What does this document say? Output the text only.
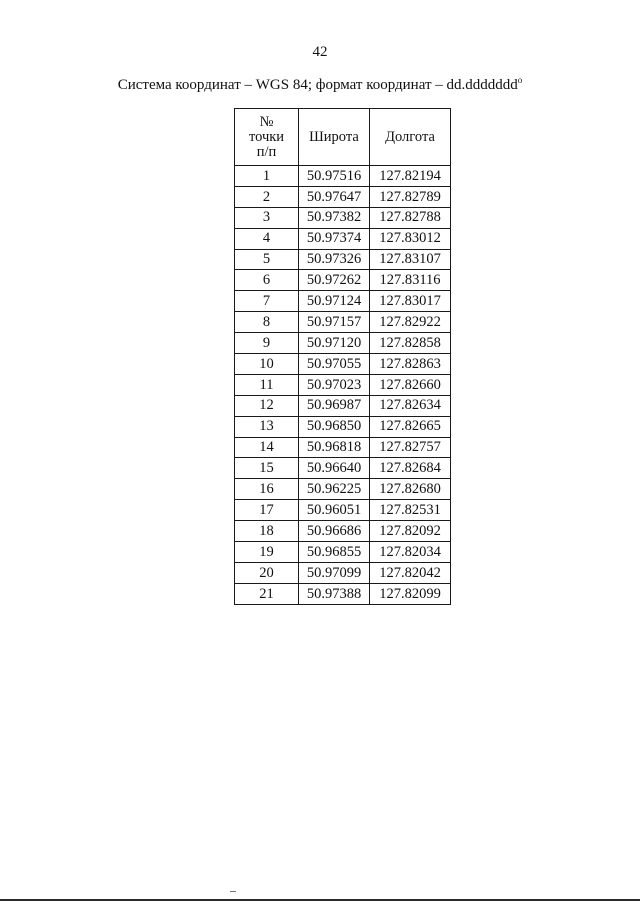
42
Система координат – WGS 84; формат координат – dd.ddddddd$^о$
№
точки
п/п	Широта	Долгота
1	50.97516	127.82194
2	50.97647	127.82789
3	50.97382	127.82788
4	50.97374	127.83012
5	50.97326	127.83107
6	50.97262	127.83116
7	50.97124	127.83017
8	50.97157	127.82922
9	50.97120	127.82858
10	50.97055	127.82863
11	50.97023	127.82660
12	50.96987	127.82634
13	50.96850	127.82665
14	50.96818	127.82757
15	50.96640	127.82684
16	50.96225	127.82680
17	50.96051	127.82531
18	50.96686	127.82092
19	50.96855	127.82034
20	50.97099	127.82042
21	50.97388	127.82099
